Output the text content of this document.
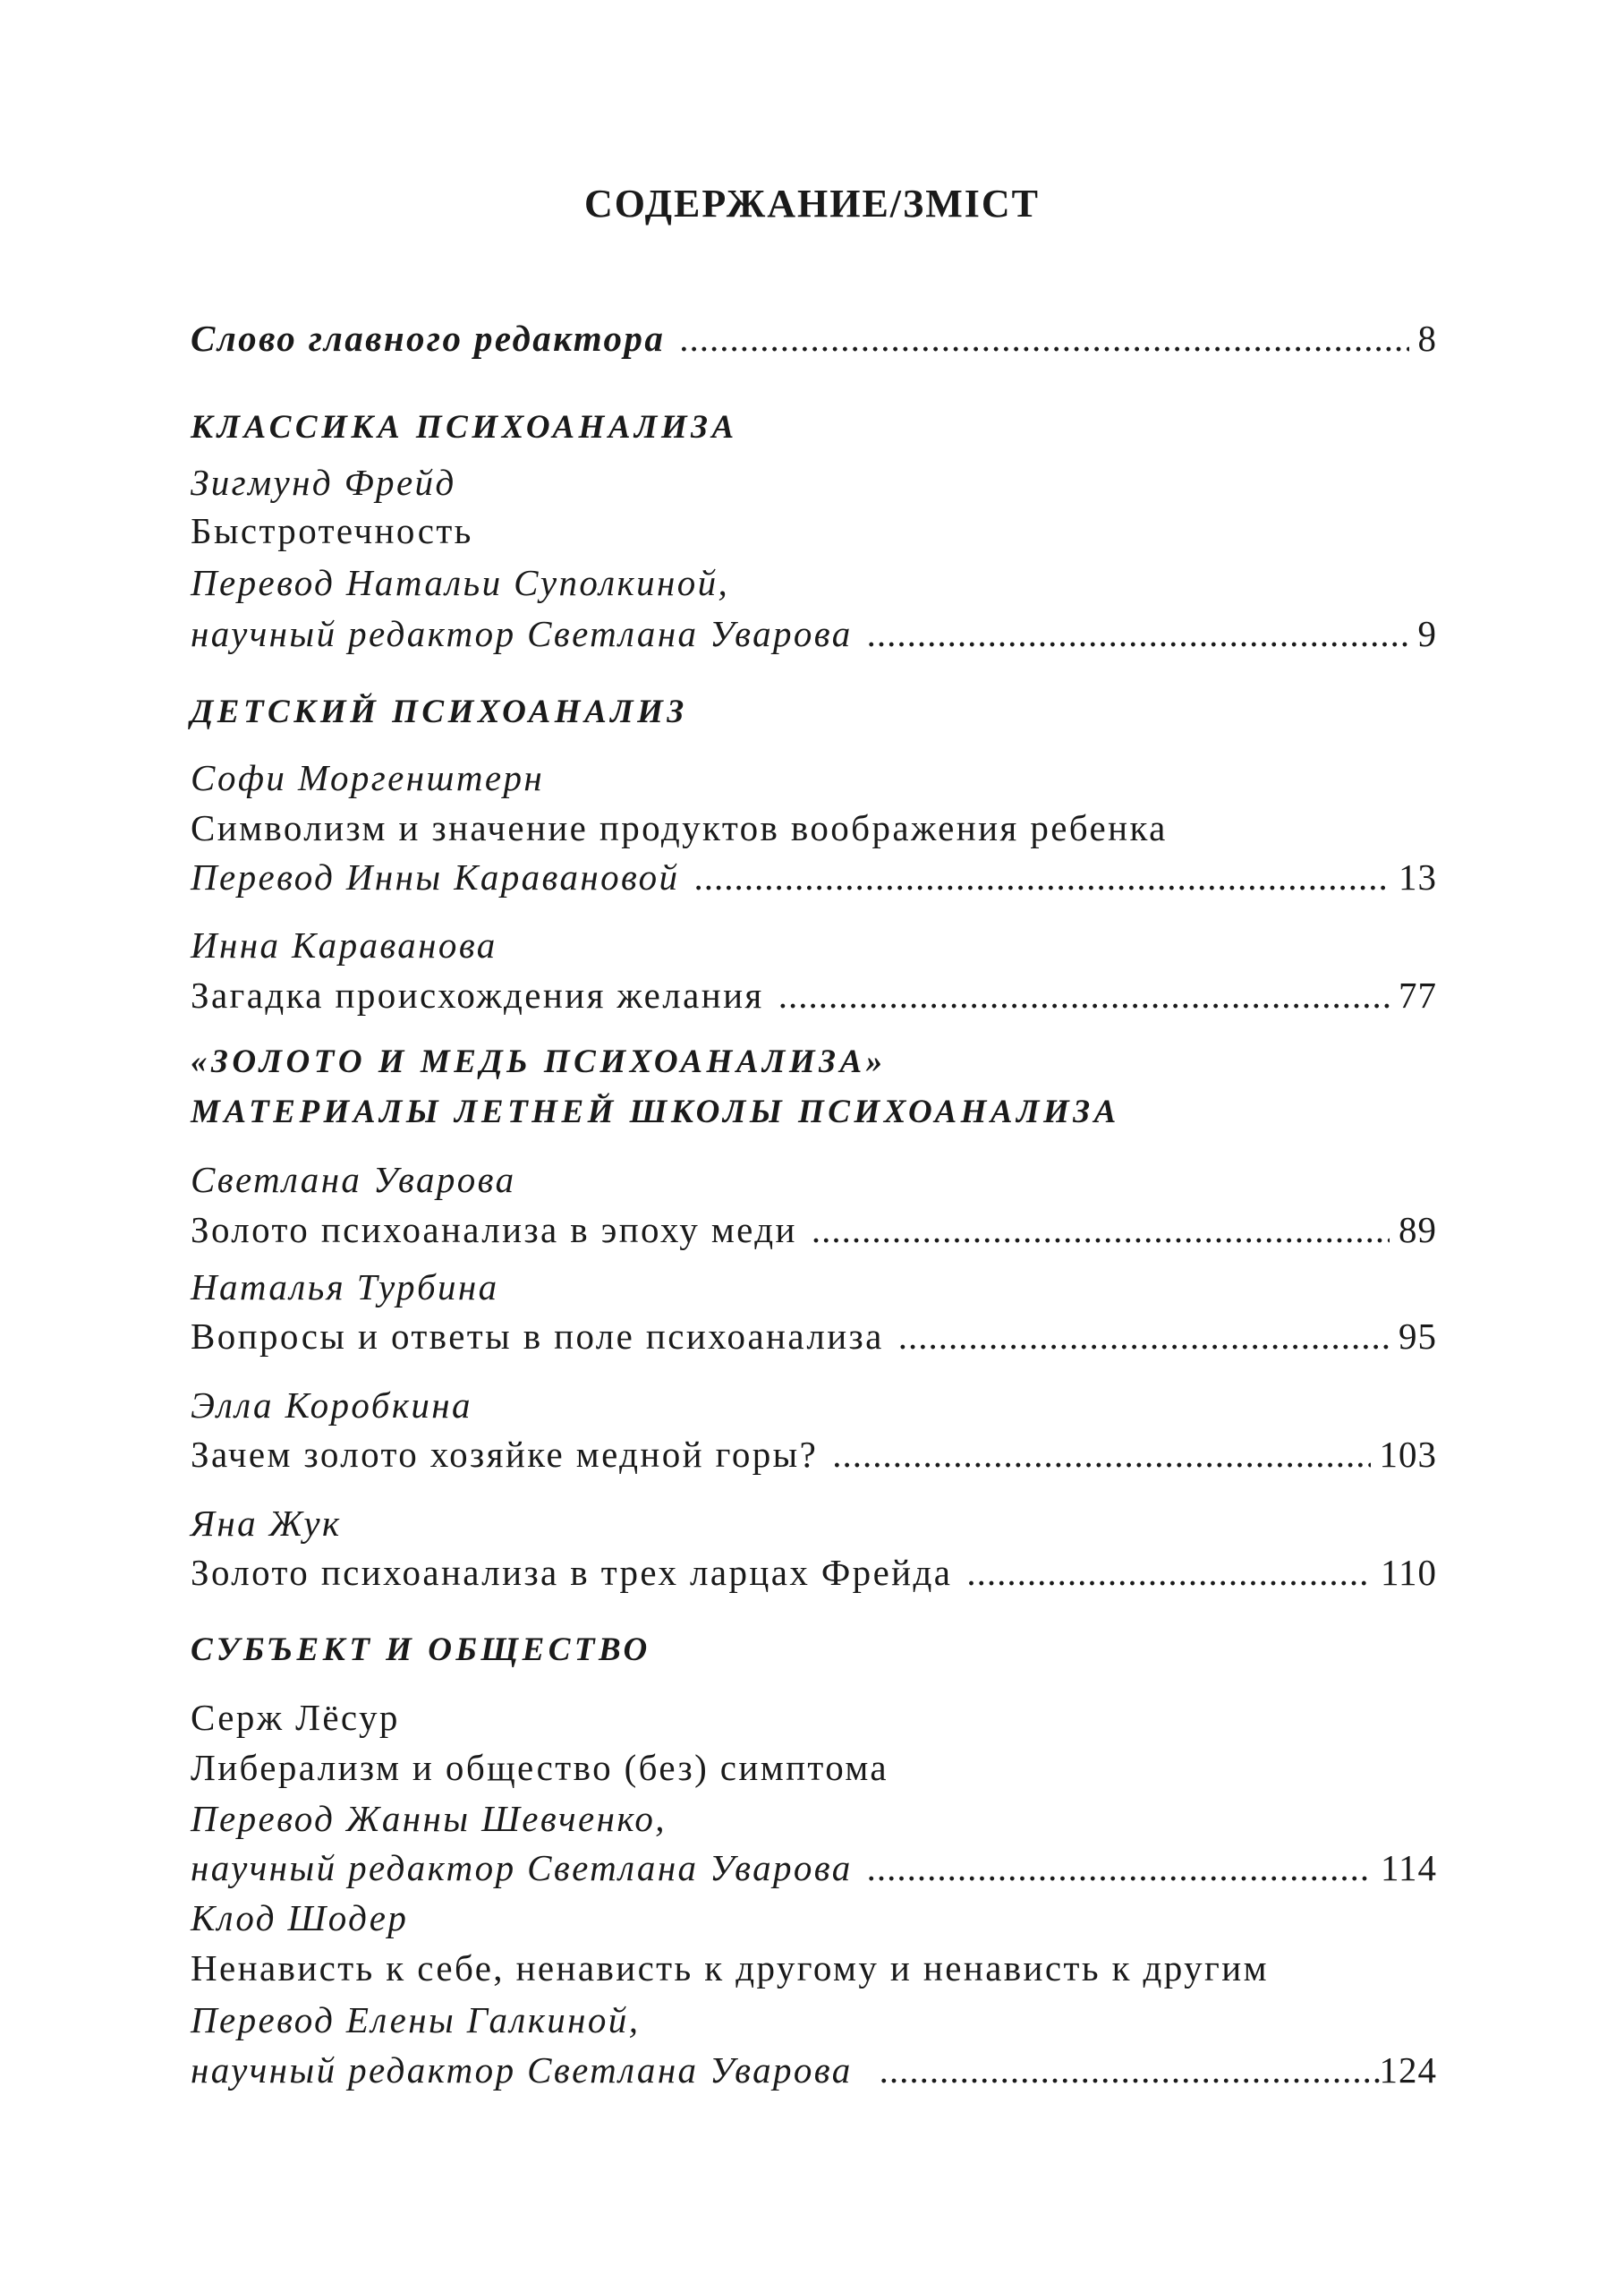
СОДЕРЖАНИЕ/ЗМІСТ
Слово главного редактора .....	8
КЛАССИКА ПСИХОАНАЛИЗА
Зигмунд Фрейд
Быстротечность
Перевод Натальи Суполкиной,
научный редактор Светлана Уварова .....	9
ДЕТСКИЙ ПСИХОАНАЛИЗ
Софи Моргенштерн
Символизм и значение продуктов воображения ребенка
Перевод Инны Каравановой .....	13
Инна Караванова
Загадка происхождения желания .....	77
«ЗОЛОТО И МЕДЬ ПСИХОАНАЛИЗА»
МАТЕРИАЛЫ ЛЕТНЕЙ ШКОЛЫ ПСИХОАНАЛИЗА
Светлана Уварова
Золото психоанализа в эпоху меди .....	89
Наталья Турбина
Вопросы и ответы в поле психоанализа .....	95
Элла Коробкина
Зачем золото хозяйке медной горы? .....	103
Яна Жук
Золото психоанализа в трех ларцах Фрейда .....	110
СУБЪЕКТ И ОБЩЕСТВО
Серж Лёсур
Либерализм и общество (без) симптома
Перевод Жанны Шевченко,
научный редактор Светлана Уварова .....	114
Клод Шодер
Ненависть к себе, ненависть к другому и ненависть к другим
Перевод Елены Галкиной,
научный редактор Светлана Уварова .....	124
